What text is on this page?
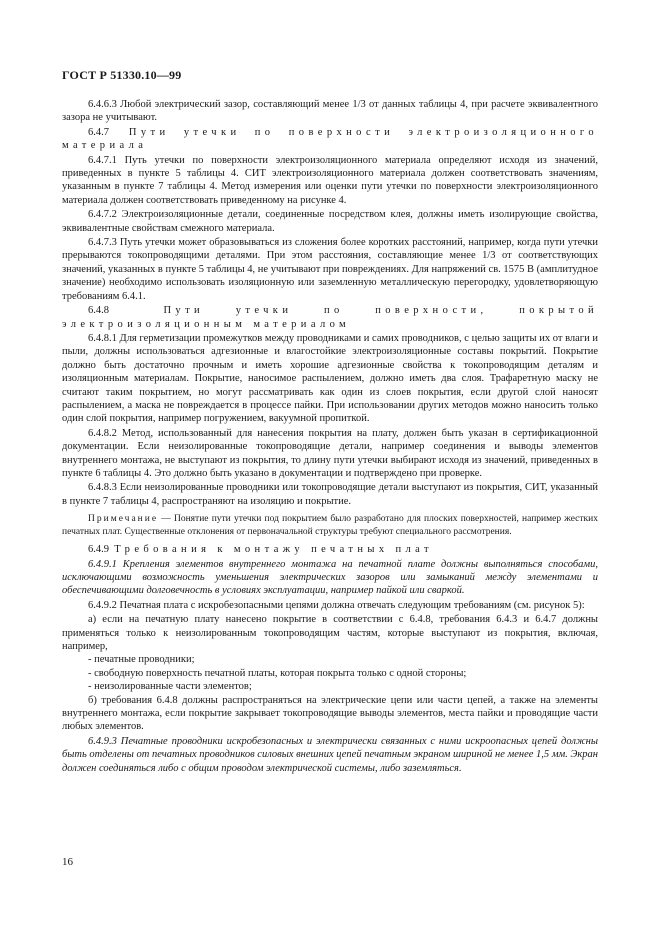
ГОСТ Р 51330.10—99

6.4.6.3 Любой электрический зазор, составляющий менее 1/3 от данных таблицы 4, при расчете эквивалентного зазора не учитывают.

6.4.7 Пути утечки по поверхности электроизоляционного материала

6.4.7.1 Путь утечки по поверхности электроизоляционного материала определяют исходя из значений, приведенных в пункте 5 таблицы 4. СИТ электроизоляционного материала должен соответствовать значениям, указанным в пункте 7 таблицы 4. Метод измерения или оценки пути утечки по поверхности электроизоляционного материала должен соответствовать приведенному на рисунке 4.

6.4.7.2 Электроизоляционные детали, соединенные посредством клея, должны иметь изолирующие свойства, эквивалентные свойствам смежного материала.

6.4.7.3 Путь утечки может образовываться из сложения более коротких расстояний, например, когда пути утечки прерываются токопроводящими деталями. При этом расстояния, составляющие менее 1/3 от соответствующих значений, указанных в пункте 5 таблицы 4, не учитывают при повреждениях. Для напряжений св. 1575 В (амплитудное значение) необходимо использовать изоляционную или заземленную металлическую перегородку, удовлетворяющую требованиям 6.4.1.

6.4.8	Пути утечки по поверхности, покрытой электроизоляционным материалом

6.4.8.1 Для герметизации промежутков между проводниками и самих проводников, с целью защиты их от влаги и пыли, должны использоваться адгезионные и влагостойкие электроизоляционные составы покрытий. Покрытие должно быть достаточно прочным и иметь хорошие адгезионные свойства к токопроводящим деталям и изоляционным материалам. Покрытие, наносимое распылением, должно иметь два слоя. Трафаретную маску не считают таким покрытием, но могут рассматривать как один из слоев покрытия, если другой слой наносят распылением, а маска не повреждается в процессе пайки. При использовании других методов можно наносить только один слой покрытия, например погружением, вакуумной пропиткой.

6.4.8.2 Метод, использованный для нанесения покрытия на плату, должен быть указан в сертификационной документации. Если неизолированные токопроводящие детали, например соединения и выводы элементов внутреннего монтажа, не выступают из покрытия, то длину пути утечки выбирают исходя из значений, приведенных в пункте 6 таблицы 4. Это должно быть указано в документации и подтверждено при проверке.

6.4.8.3 Если неизолированные проводники или токопроводящие детали выступают из покрытия, СИТ, указанный в пункте 7 таблицы 4, распространяют на изоляцию и покрытие.

Примечание — Понятие пути утечки под покрытием было разработано для плоских поверхностей, например жестких печатных плат. Существенные отклонения от первоначальной структуры требуют специального рассмотрения.

6.4.9 Требования к монтажу печатных плат

6.4.9.1 Крепления элементов внутреннего монтажа на печатной плате должны выполняться способами, исключающими возможность уменьшения электрических зазоров или замыканий между элементами и обеспечивающими долговечность в условиях эксплуатации, например пайкой или сваркой.

6.4.9.2 Печатная плата с искробезопасными цепями должна отвечать следующим требованиям (см. рисунок 5):

а) если на печатную плату нанесено покрытие в соответствии с 6.4.8, требования 6.4.3 и 6.4.7 должны применяться только к неизолированным токопроводящим частям, которые выступают из покрытия, включая, например,

- печатные проводники;

- свободную поверхность печатной платы, которая покрыта только с одной стороны;

- неизолированные части элементов;

б) требования 6.4.8 должны распространяться на электрические цепи или части цепей, а также на элементы внутреннего монтажа, если покрытие закрывает токопроводящие выводы элементов, места пайки и проводящие части любых элементов.

6.4.9.3 Печатные проводники искробезопасных и электрически связанных с ними искроопасных цепей должны быть отделены от печатных проводников силовых внешних цепей печатным экраном шириной не менее 1,5 мм. Экран должен соединяться либо с общим проводом электрической системы, либо заземляться.

16
